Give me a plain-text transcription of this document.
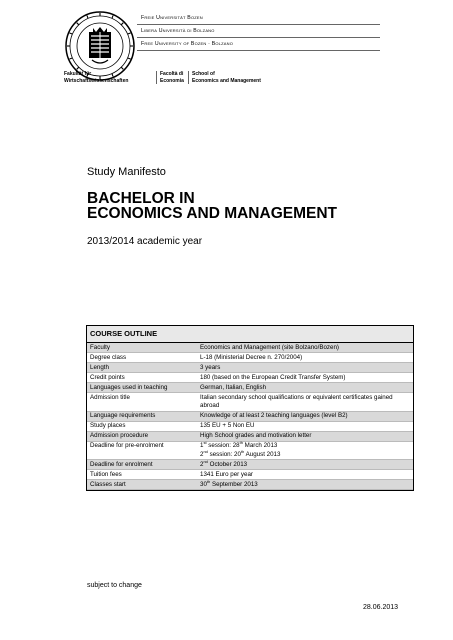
Freie Universität Bozen
Libera Università di Bolzano
Free University of Bozen · Bolzano
Fakultät für
Wirtschaftswissenschaften
Facoltà di
Economia
School of
Economics and Management
Study Manifesto
BACHELOR IN
ECONOMICS AND MANAGEMENT
2013/2014 academic year
COURSE OUTLINE
Faculty	Economics and Management (site Bolzano/Bozen)

Degree class	L-18 (Ministerial Decree n. 270/2004)

Length	3 years

Credit points	180 (based on the European Credit Transfer System)

Languages used in teaching	German, Italian, English

Admission title	Italian secondary school qualifications or equivalent certificates gained abroad

Language requirements	Knowledge of at least 2 teaching languages (level B2)

Study places	135 EU + 5 Non EU

Admission procedure	High School grades and motivation letter

Deadline for pre-enrolment	1st session: 28th March 2013
2nd session: 20th August 2013

Deadline for enrolment	2nd October 2013

Tuition fees	1341 Euro per year

Classes start	30th September 2013
subject to change
28.06.2013
